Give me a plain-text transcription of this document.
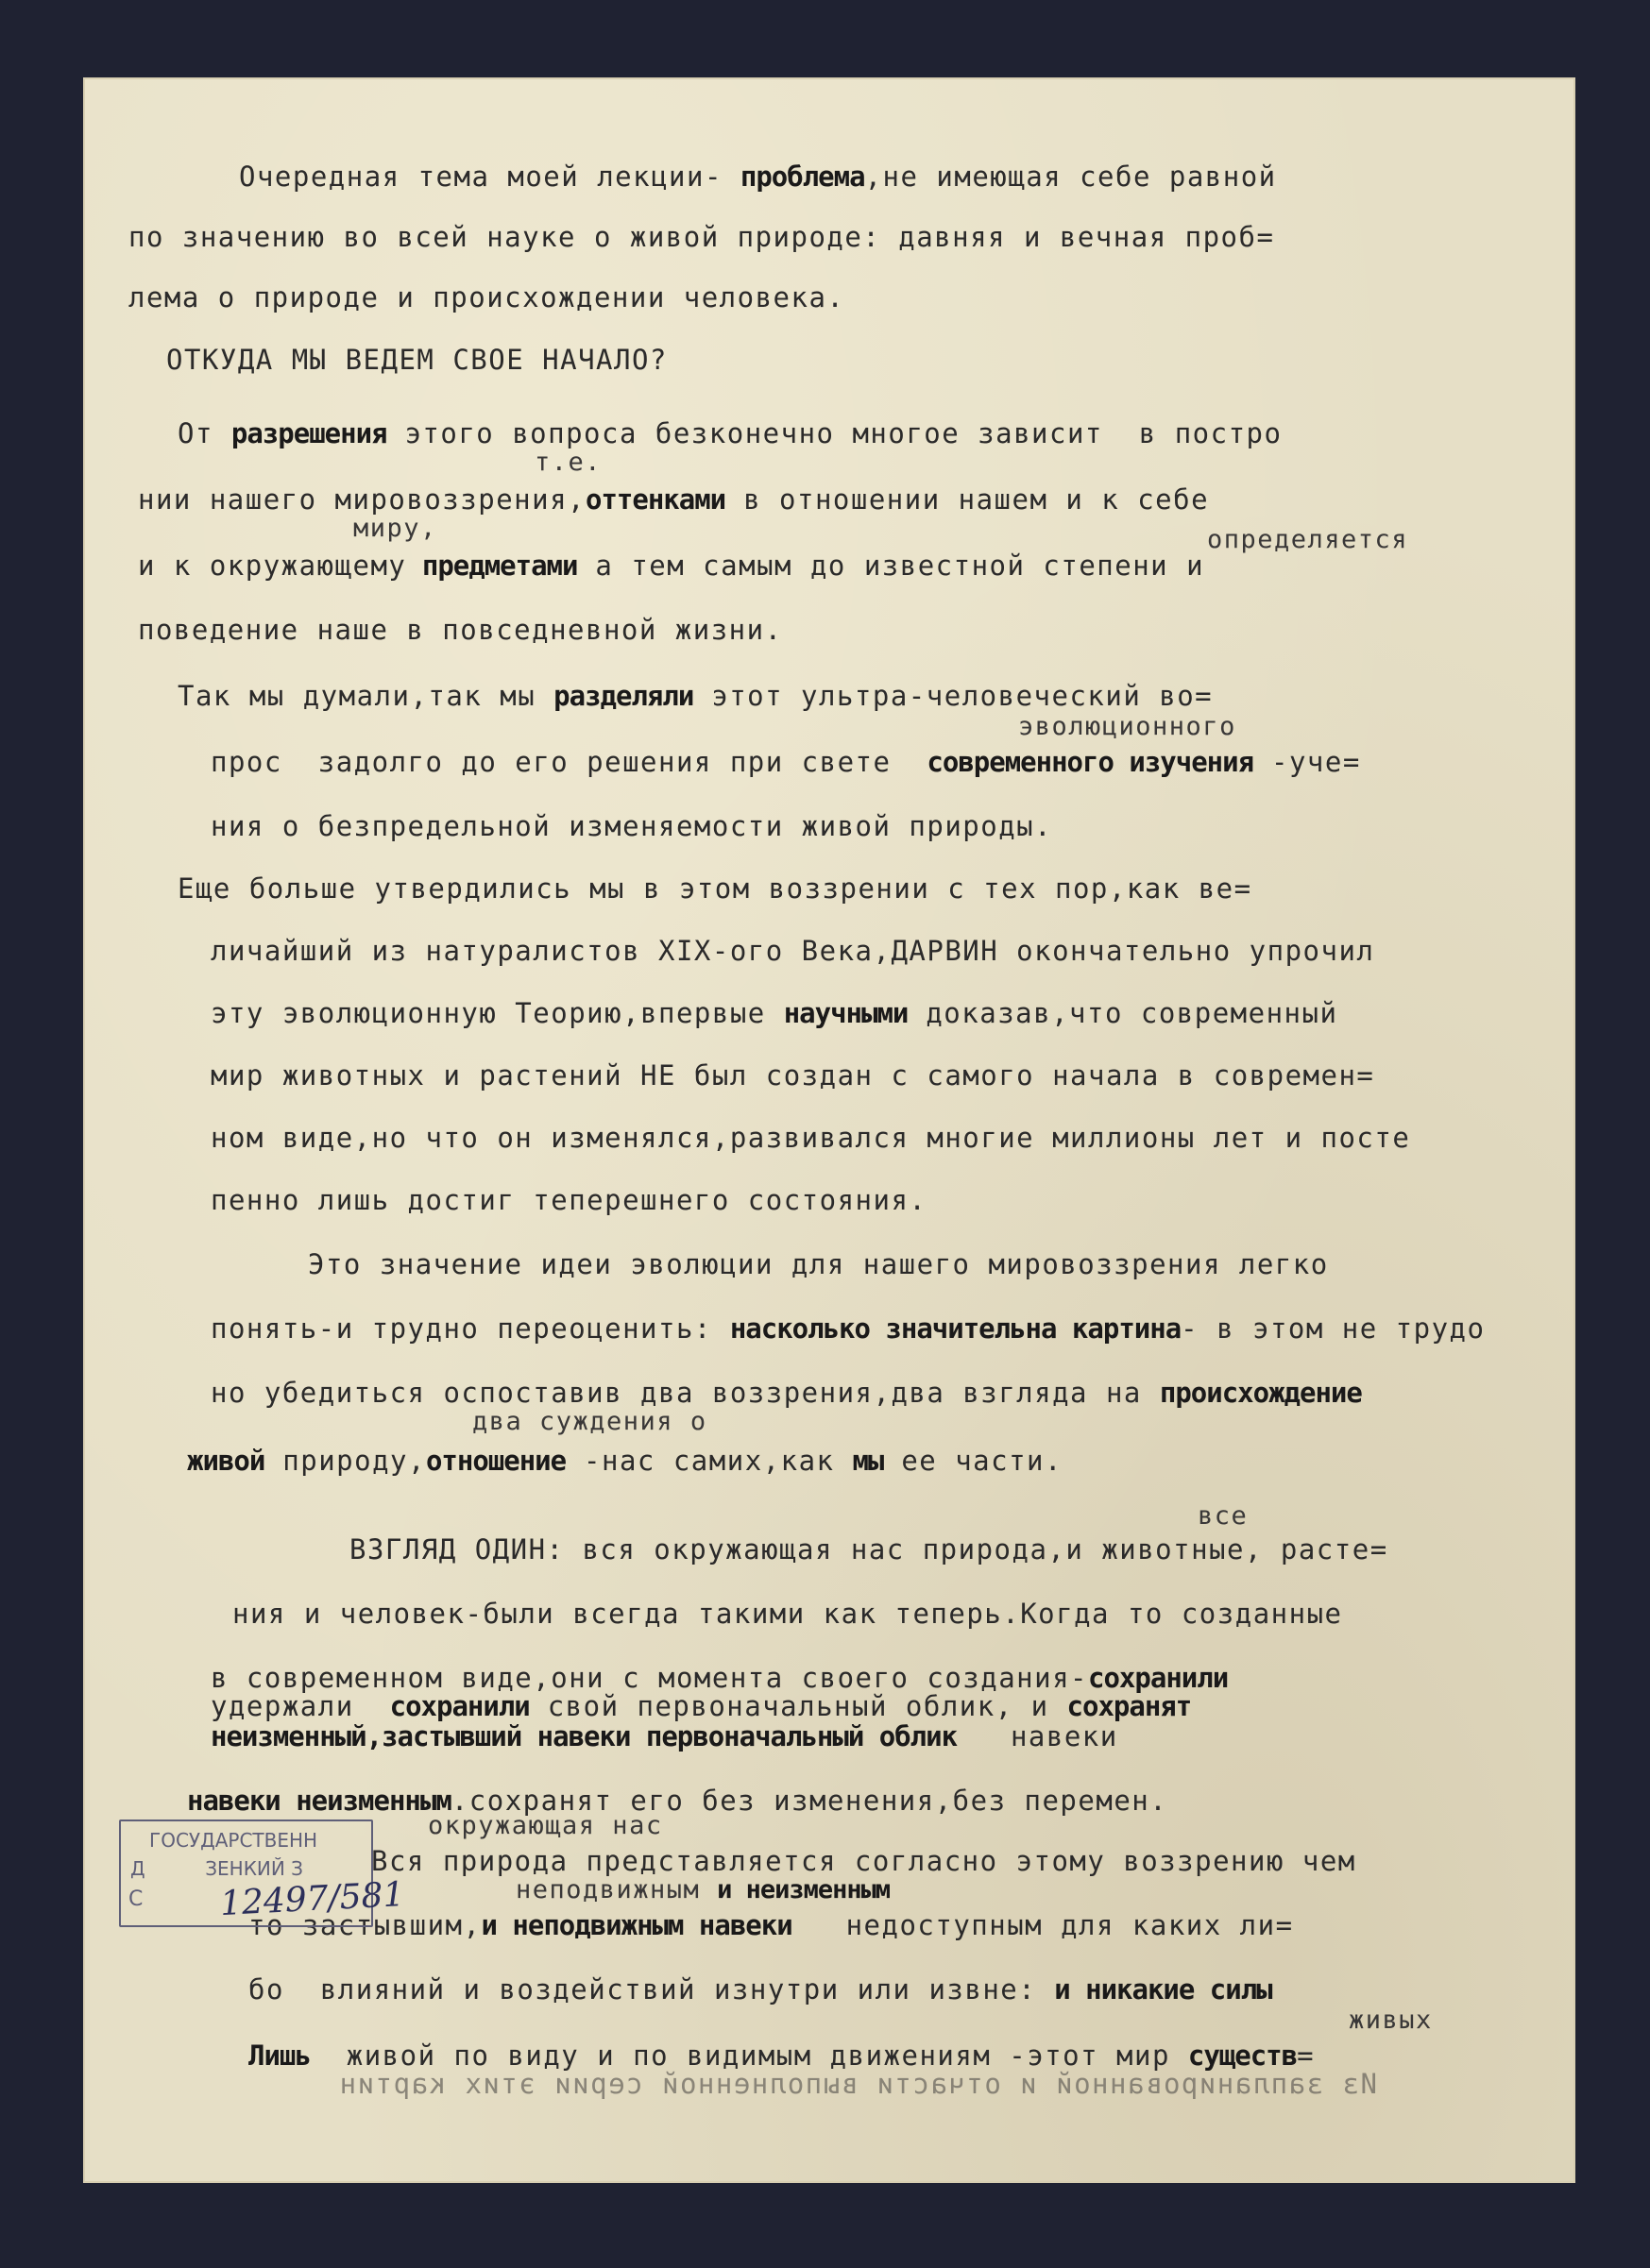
Очередная тема моей лекции- проблема,не имеющая себе равной
по значению во всей науке о живой природе: давняя и вечная проб=
лема о природе и происхождении человека.
ОТКУДА МЫ ВЕДЕМ СВОЕ НАЧАЛО?
От разрешения этого вопроса безконечно многое зависит  в постро
т.е.
нии нашего мировоззрения,оттенками в отношении нашем и к себе
миру,	определяется
и к окружающему предметами а тем самым до известной степени и
поведение наше в повседневной жизни.
Так мы думали,так мы разделяли этот ультра-человеческий во=
эволюционного
прос  задолго до его решения при свете  современного изучения -уче=
ния о безпредельной изменяемости живой природы.
Еще больше утвердились мы в этом воззрении с тех пор,как ве=
личайший из натуралистов XIX-ого Века,ДАРВИН окончательно упрочил
эту эволюционную Теорию,впервые научными доказав,что современный
мир животных и растений НЕ был создан с самого начала в современ=
ном виде,но что он изменялся,развивался многие миллионы лет и посте
пенно лишь достиг теперешнего состояния.
Это значение идеи эволюции для нашего мировоззрения легко
понять-и трудно переоценить: насколько значительна картина- в этом не трудо
но убедиться оспоставив два воззрения,два взгляда на происхождение
два суждения о
живой природу,отношение -нас самих,как мы ее части.
все
ВЗГЛЯД ОДИН: вся окружающая нас природа,и животные, расте=
ния и человек-были всегда такими как теперь.Когда то созданные
в современном виде,они с момента своего создания-сохранили
удержали  сохранили свой первоначальный облик, и сохранят
неизменный,застывший навеки первоначальный облик   навеки
навеки неизменным.сохранят его без изменения,без перемен.
окружающая нас
Вся природа представляется согласно этому воззрению чем
неподвижным и неизменным
то застывшим,и неподвижным навеки   недоступным для каких ли=
бо  влияний и воздействий изнутри или извне: и никакие силы
живых
Лишь  живой по виду и по видимым движениям -этот мир существ=
Из запланированной и отчасти выполненной серии этих картин
ГОСУДАРСТВЕНН
Д          ЗЕНКИЙ З
С 12497/581
